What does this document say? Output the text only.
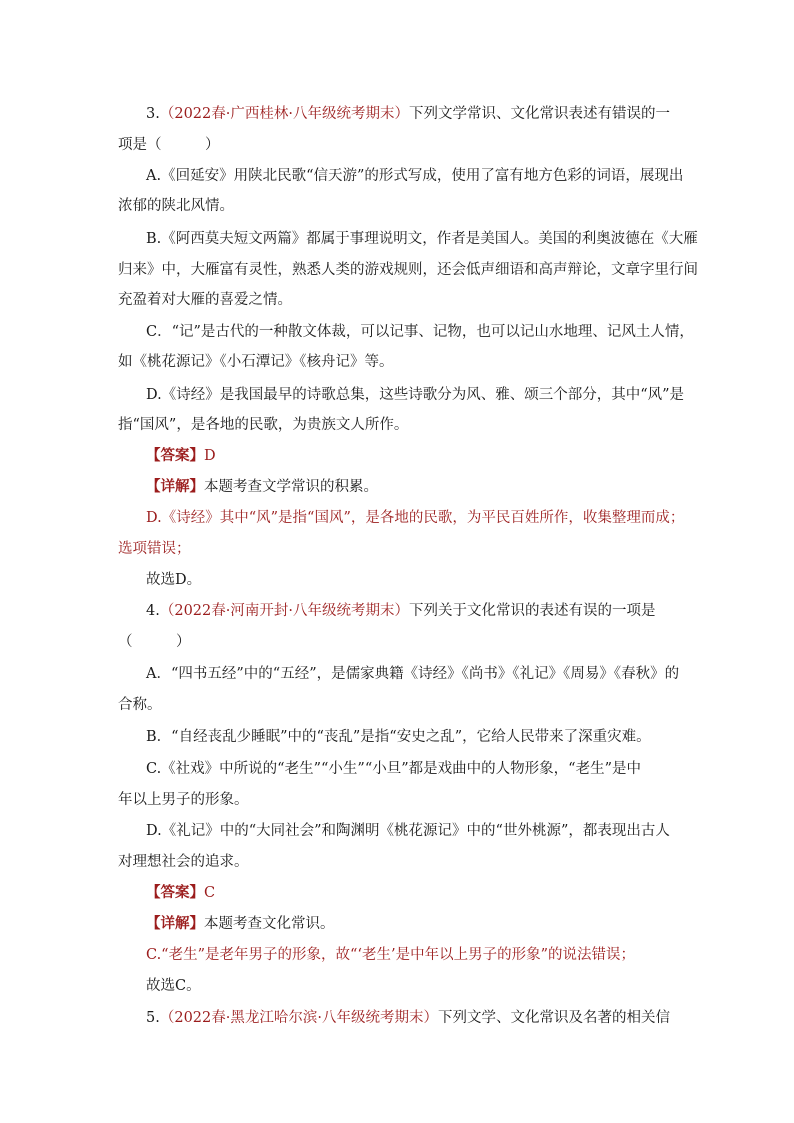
3.（2022春·广西桂林·八年级统考期末）下列文学常识、文化常识表述有错误的一
项是（　　　）
A.《回延安》用陕北民歌“信天游”的形式写成，使用了富有地方色彩的词语，展现出
浓郁的陕北风情。
B.《阿西莫夫短文两篇》都属于事理说明文，作者是美国人。美国的利奥波德在《大雁
归来》中，大雁富有灵性，熟悉人类的游戏规则，还会低声细语和高声辩论，文章字里行间
充盈着对大雁的喜爱之情。
C．“记”是古代的一种散文体裁，可以记事、记物，也可以记山水地理、记风土人情，
如《桃花源记》《小石潭记》《核舟记》等。
D.《诗经》是我国最早的诗歌总集，这些诗歌分为风、雅、颂三个部分，其中“风”是
指“国风”，是各地的民歌，为贵族文人所作。
【答案】D
【详解】本题考查文学常识的积累。
D.《诗经》其中“风”是指“国风”，是各地的民歌，为平民百姓所作，收集整理而成；
选项错误；
故选D。
4.（2022春·河南开封·八年级统考期末）下列关于文化常识的表述有误的一项是
（　　　）
A．“四书五经”中的“五经”，是儒家典籍《诗经》《尚书》《礼记》《周易》《春秋》的
合称。
B．“自经丧乱少睡眠”中的“丧乱”是指“安史之乱”，它给人民带来了深重灾难。
C.《社戏》中所说的“老生”“小生”“小旦”都是戏曲中的人物形象，“老生”是中
年以上男子的形象。
D.《礼记》中的“大同社会”和陶渊明《桃花源记》中的“世外桃源”，都表现出古人
对理想社会的追求。
【答案】C
【详解】本题考查文化常识。
C.“老生”是老年男子的形象，故“‘老生’是中年以上男子的形象”的说法错误；
故选C。
5.（2022春·黑龙江哈尔滨·八年级统考期末）下列文学、文化常识及名著的相关信
